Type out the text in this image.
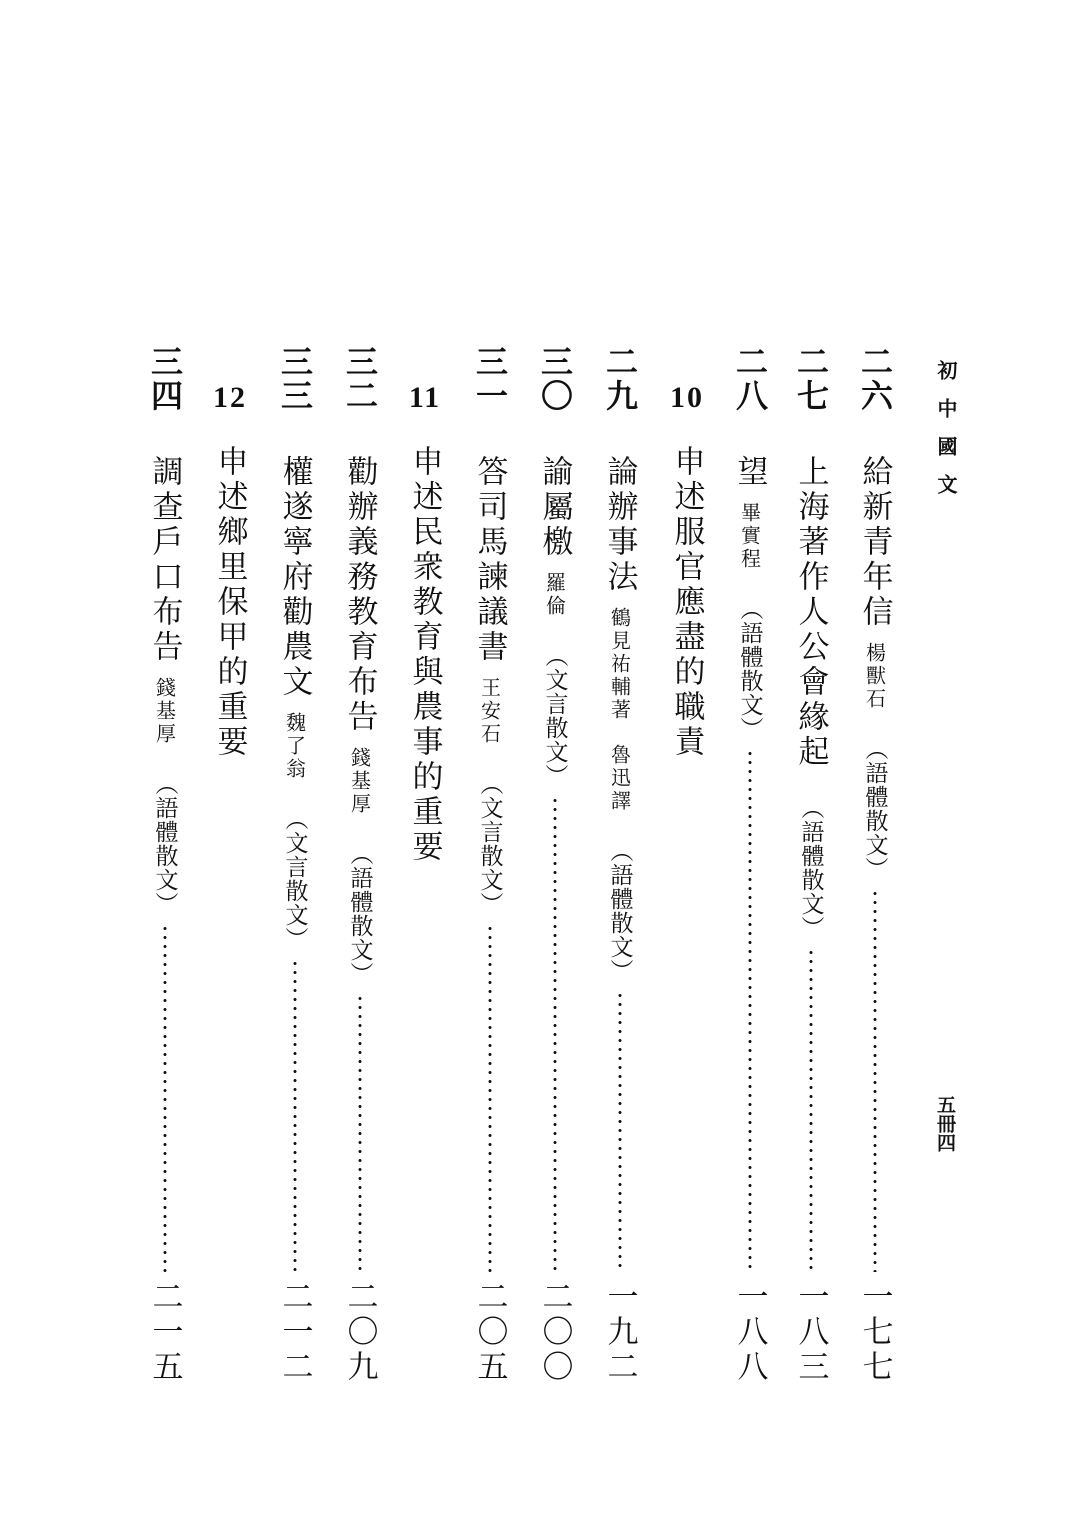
初中國文
五冊四
二六
給新青年信
楊獸石
（語體散文）
一七七
二七
上海著作人公會緣起
（語體散文）
一八三
二八
望
畢實程
（語體散文）
一八八
10
申述服官應盡的職責
二九
論辦事法
鶴見祐輔著
魯迅譯
（語體散文）
一九二
三〇
諭屬檄
羅倫
（文言散文）
二〇〇
三一
答司馬諫議書
王安石
（文言散文）
二〇五
11
申述民衆教育與農事的重要
三二
勸辦義務教育布告
錢基厚
（語體散文）
二〇九
三三
權遂寧府勸農文
魏了翁
（文言散文）
二一二
12
申述鄉里保甲的重要
三四
調查戶口布告
錢基厚
（語體散文）
二一五
